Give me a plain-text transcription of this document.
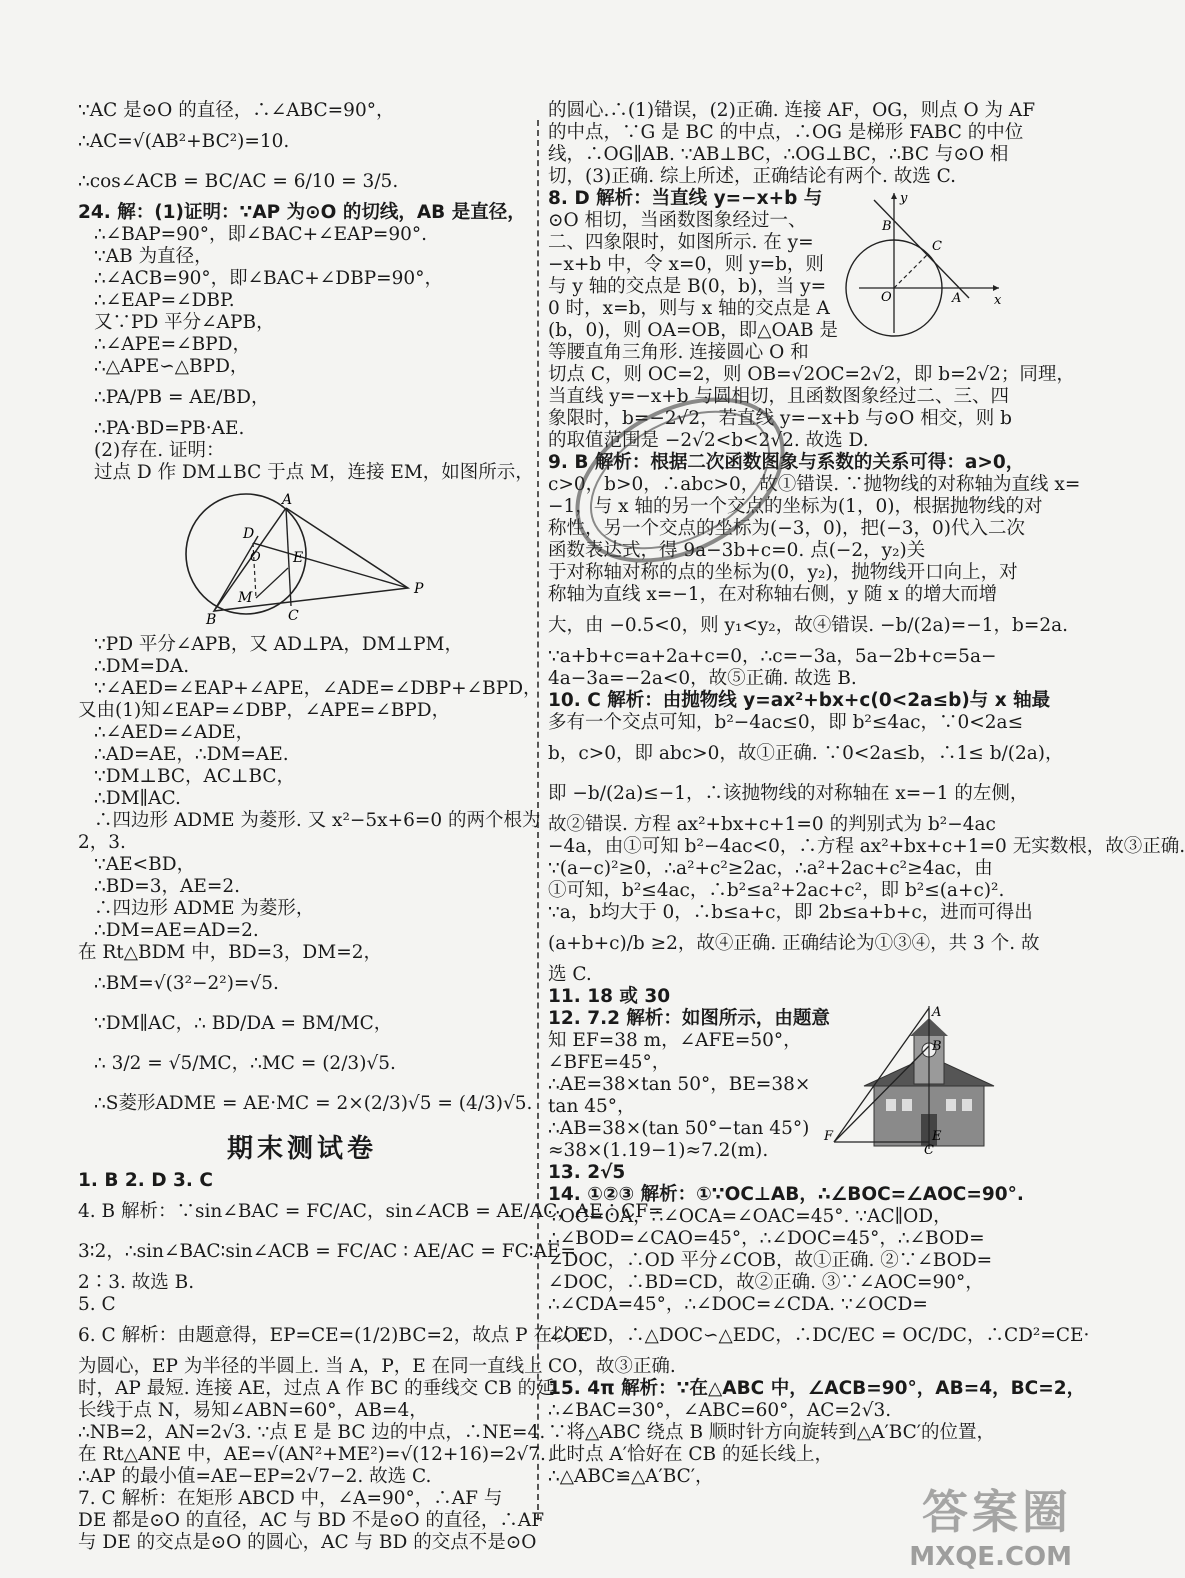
∵AC 是⊙O 的直径，∴∠ABC=90°，
∴AC=√(AB²+BC²)=10.
∴cos∠ACB = BC/AC = 6/10 = 3/5.
24. 解：(1)证明：∵AP 为⊙O 的切线，AB 是直径，
∴∠BAP=90°，即∠BAC+∠EAP=90°.
∵AB 为直径，
∴∠ACB=90°，即∠BAC+∠DBP=90°，
∴∠EAP=∠DBP.
又∵PD 平分∠APB，
∴∠APE=∠BPD，
∴△APE∽△BPD，
∴PA/PB = AE/BD，
∴PA·BD=PB·AE.
(2)存在. 证明：
过点 D 作 DM⊥BC 于点 M，连接 EM，如图所示，
A
D
O E
M
B	C
P
∵PD 平分∠APB，又 AD⊥PA，DM⊥PM，
∴DM=DA.
∵∠AED=∠EAP+∠APE，∠ADE=∠DBP+∠BPD，
又由(1)知∠EAP=∠DBP，∠APE=∠BPD，
∴∠AED=∠ADE，
∴AD=AE，∴DM=AE.
∵DM⊥BC，AC⊥BC，
∴DM∥AC.
∴四边形 ADME 为菱形. 又 x²−5x+6=0 的两个根为
2，3.
∵AE<BD，
∴BD=3，AE=2.
∴四边形 ADME 为菱形，
∴DM=AE=AD=2.
在 Rt△BDM 中，BD=3，DM=2，
∴BM=√(3²−2²)=√5.
∵DM∥AC，∴ BD/DA = BM/MC，
∴ 3/2 = √5/MC，∴MC = (2/3)√5.
∴S菱形ADME = AE·MC = 2×(2/3)√5 = (4/3)√5.
期末测试卷
1. B 2. D 3. C
4. B 解析：∵sin∠BAC = FC/AC，sin∠ACB = AE/AC，AE∶CF=
3∶2，∴sin∠BAC∶sin∠ACB = FC/AC ∶ AE/AC = FC∶AE=
2∶3. 故选 B.
5. C
6. C 解析：由题意得，EP=CE=(1/2)BC=2，故点 P 在以 E
为圆心，EP 为半径的半圆上. 当 A，P，E 在同一直线上
时，AP 最短. 连接 AE，过点 A 作 BC 的垂线交 CB 的延
长线于点 N，易知∠ABN=60°，AB=4，
∴NB=2，AN=2√3. ∵点 E 是 BC 边的中点，∴NE=4.
在 Rt△ANE 中，AE=√(AN²+ME²)=√(12+16)=2√7.
∴AP 的最小值=AE−EP=2√7−2. 故选 C.
7. C 解析：在矩形 ABCD 中，∠A=90°，∴AF 与
DE 都是⊙O 的直径，AC 与 BD 不是⊙O 的直径，∴AF
与 DE 的交点是⊙O 的圆心，AC 与 BD 的交点不是⊙O
的圆心.∴(1)错误，(2)正确. 连接 AF，OG，则点 O 为 AF
的中点，∵G 是 BC 的中点，∴OG 是梯形 FABC 的中位
线，∴OG∥AB. ∵AB⊥BC，∴OG⊥BC，∴BC 与⊙O 相
切，(3)正确. 综上所述，正确结论有两个. 故选 C.
y
B
C
O	A	x
8. D 解析：当直线 y=−x+b 与
⊙O 相切，当函数图象经过一、
二、四象限时，如图所示. 在 y=
−x+b 中，令 x=0，则 y=b，则
与 y 轴的交点是 B(0，b)，当 y=
0 时，x=b，则与 x 轴的交点是 A
(b，0)，则 OA=OB，即△OAB 是
等腰直角三角形. 连接圆心 O 和
切点 C，则 OC=2，则 OB=√2OC=2√2，即 b=2√2；同理，
当直线 y=−x+b 与圆相切，且函数图象经过二、三、四
象限时，b=−2√2，若直线 y=−x+b 与⊙O 相交，则 b
的取值范围是 −2√2<b<2√2. 故选 D.
9. B 解析：根据二次函数图象与系数的关系可得：a>0，
c>0，b>0，∴abc>0，故①错误. ∵抛物线的对称轴为直线 x=
−1，与 x 轴的另一个交点的坐标为(1，0)，根据抛物线的对
称性，另一个交点的坐标为(−3，0)，把(−3，0)代入二次
函数表达式，得 9a−3b+c=0. 点(−2，y₂)关
于对称轴对称的点的坐标为(0，y₂)，抛物线开口向上，对
称轴为直线 x=−1，在对称轴右侧，y 随 x 的增大而增
大，由 −0.5<0，则 y₁<y₂，故④错误. −b/(2a)=−1，b=2a.
∵a+b+c=a+2a+c=0，∴c=−3a，5a−2b+c=5a−
4a−3a=−2a<0，故⑤正确. 故选 B.
10. C 解析：由抛物线 y=ax²+bx+c(0<2a≤b)与 x 轴最
多有一个交点可知，b²−4ac≤0，即 b²≤4ac，∵0<2a≤
b，c>0，即 abc>0，故①正确. ∵0<2a≤b，∴1≤ b/(2a)，
即 −b/(2a)≤−1，∴该抛物线的对称轴在 x=−1 的左侧，
故②错误. 方程 ax²+bx+c+1=0 的判别式为 b²−4ac
−4a，由①可知 b²−4ac<0，∴方程 ax²+bx+c+1=0 无实数根，故③正确.
∵(a−c)²≥0，∴a²+c²≥2ac，∴a²+2ac+c²≥4ac，由
①可知，b²≤4ac，∴b²≤a²+2ac+c²，即 b²≤(a+c)².
∵a，b均大于 0，∴b≤a+c，即 2b≤a+b+c，进而可得出
(a+b+c)/b ≥2，故④正确. 正确结论为①③④，共 3 个. 故
选 C.
11. 18 或 30
A
B
E
F
C
12. 7.2 解析：如图所示，由题意
知 EF=38 m，∠AFE=50°，
∠BFE=45°，
∴AE=38×tan 50°，BE=38×
tan 45°，
∴AB=38×(tan 50°−tan 45°)
≈38×(1.19−1)≈7.2(m).
13. 2√5
14. ①②③ 解析：①∵OC⊥AB，∴∠BOC=∠AOC=90°.
∵OC=OA，∴∠OCA=∠OAC=45°. ∵AC∥OD，
∴∠BOD=∠CAO=45°，∴∠DOC=45°，∴∠BOD=
∠DOC，∴OD 平分∠COB，故①正确. ②∵∠BOD=
∠DOC，∴BD=CD，故②正确. ③∵∠AOC=90°，
∴∠CDA=45°，∴∠DOC=∠CDA. ∵∠OCD=
∠OCD，∴△DOC∽△EDC，∴DC/EC = OC/DC，∴CD²=CE·
CO，故③正确.
15. 4π 解析：∵在△ABC 中，∠ACB=90°，AB=4，BC=2，
∴∠BAC=30°，∠ABC=60°，AC=2√3.
∵将△ABC 绕点 B 顺时针方向旋转到△A′BC′的位置，
此时点 A′恰好在 CB 的延长线上，
∴△ABC≌△A′BC′，
答案圈
MXQE.COM
